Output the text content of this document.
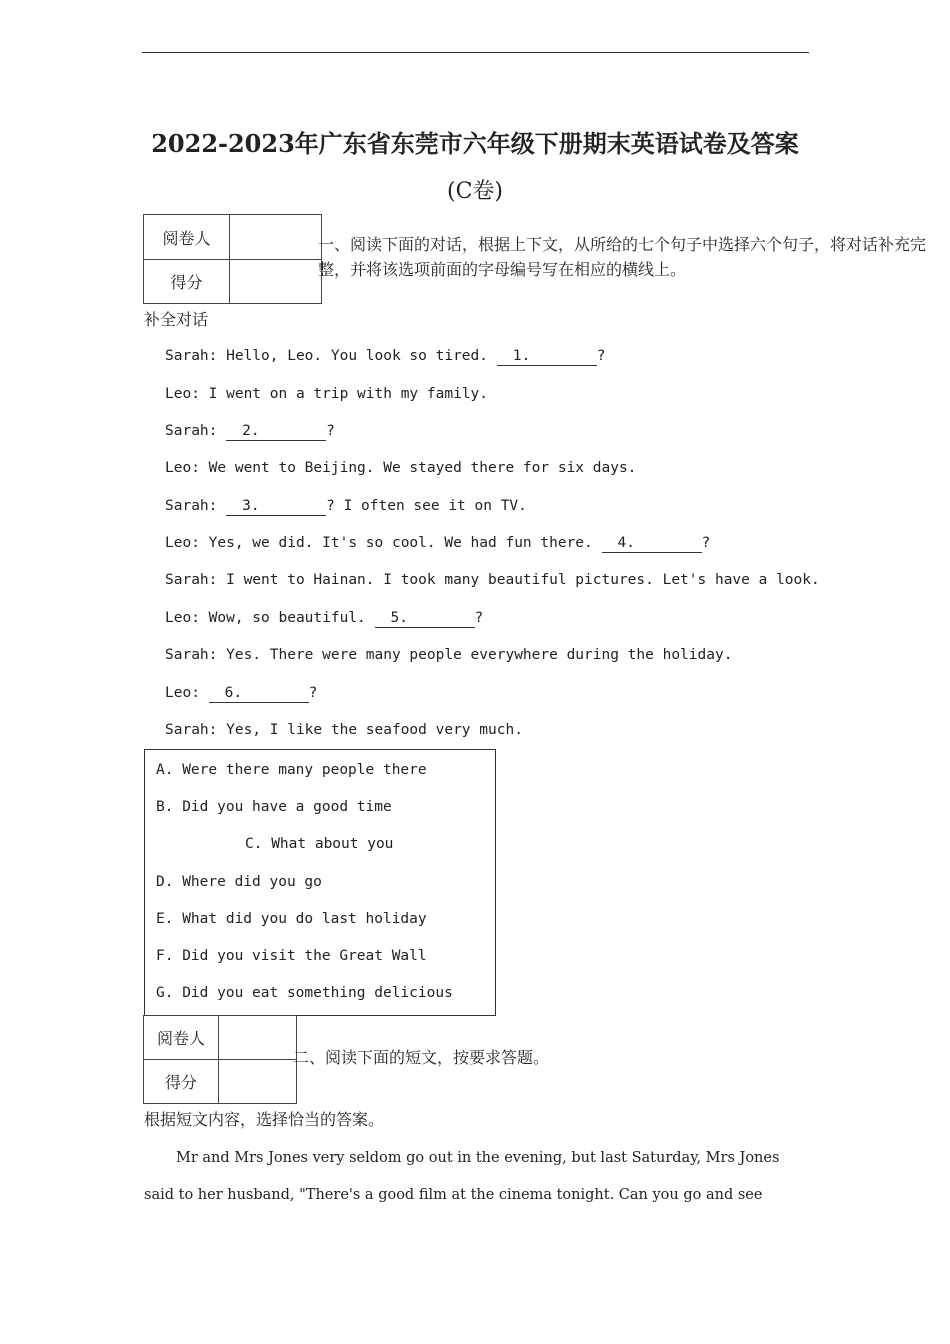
2022-2023年广东省东莞市六年级下册期末英语试卷及答案
(C卷)
阅卷人	
得分	
一、阅读下面的对话，根据上下文，从所给的七个句子中选择六个句子，将对话补充完
整，并将该选项前面的字母编号写在相应的横线上。
补全对话
Sarah: Hello, Leo. You look so tired. 1.	?
Leo: I went on a trip with my family.
Sarah: 2.	?
Leo: We went to Beijing. We stayed there for six days.
Sarah: 3.	? I often see it on TV.
Leo: Yes, we did. It's so cool. We had fun there. 4.	?
Sarah: I went to Hainan. I took many beautiful pictures. Let's have a look.
Leo: Wow, so beautiful. 5.	?
Sarah: Yes. There were many people everywhere during the holiday.
Leo: 6.	?
Sarah: Yes, I like the seafood very much.
A. Were there many people there
B. Did you have a good time
C. What about you
D. Where did you go
E. What did you do last holiday
F. Did you visit the Great Wall
G. Did you eat something delicious
阅卷人	
得分	
二、阅读下面的短文，按要求答题。
根据短文内容，选择恰当的答案。
Mr and Mrs Jones very seldom go out in the evening, but last Saturday, Mrs Jones
said to her husband, "There's a good film at the cinema tonight. Can you go and see
